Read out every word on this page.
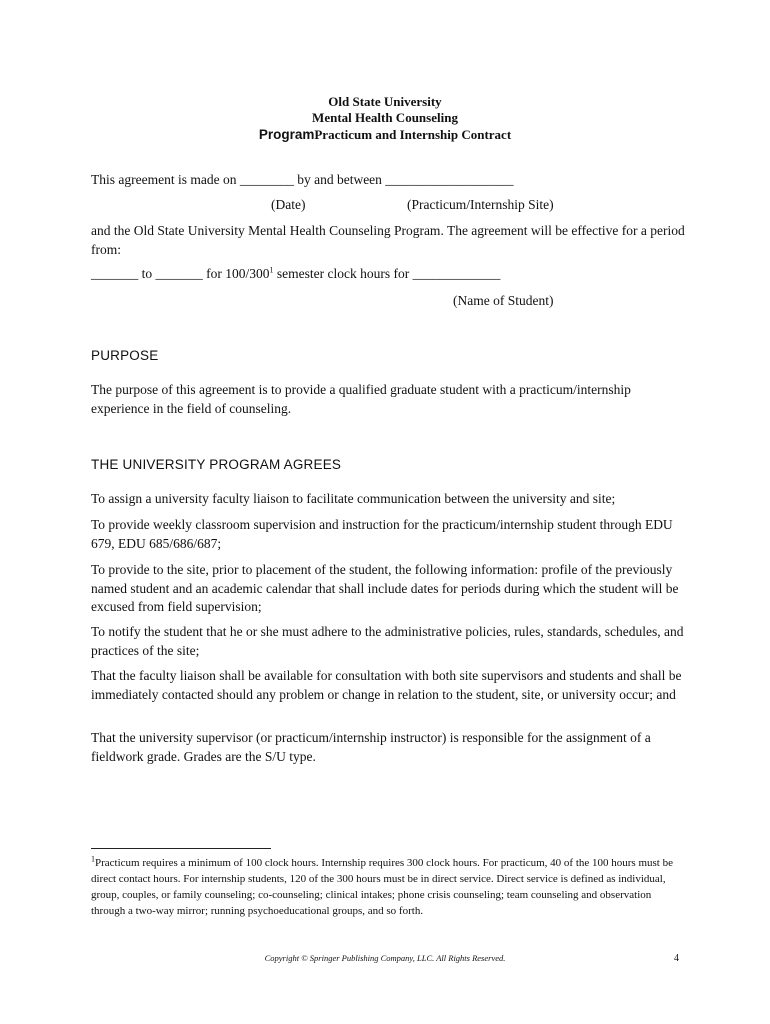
Old State University
Mental Health Counseling
ProgramPracticum and Internship Contract
This agreement is made on ________ by and between ___________________
(Date)	(Practicum/Internship Site)
and the Old State University Mental Health Counseling Program. The agreement will be effective for a period from:
_______ to _______ for $100/300^1$ semester clock hours for _____________
(Name of Student)
PURPOSE
The purpose of this agreement is to provide a qualified graduate student with a practicum/internship experience in the field of counseling.
THE UNIVERSITY PROGRAM AGREES
To assign a university faculty liaison to facilitate communication between the university and site;
To provide weekly classroom supervision and instruction for the practicum/internship student through EDU 679, EDU 685/686/687;
To provide to the site, prior to placement of the student, the following information: profile of the previously named student and an academic calendar that shall include dates for periods during which the student will be excused from field supervision;
To notify the student that he or she must adhere to the administrative policies, rules, standards, schedules, and practices of the site;
That the faculty liaison shall be available for consultation with both site supervisors and students and shall be immediately contacted should any problem or change in relation to the student, site, or university occur; and
That the university supervisor (or practicum/internship instructor) is responsible for the assignment of a fieldwork grade. Grades are the S/U type.
$^1$Practicum requires a minimum of 100 clock hours. Internship requires 300 clock hours. For practicum, 40 of the 100 hours must be direct contact hours. For internship students, 120 of the 300 hours must be in direct service. Direct service is defined as individual, group, couples, or family counseling; co-counseling; clinical intakes; phone crisis counseling; team counseling and observation through a two-way mirror; running psychoeducational groups, and so forth.
Copyright © Springer Publishing Company, LLC. All Rights Reserved.	4
